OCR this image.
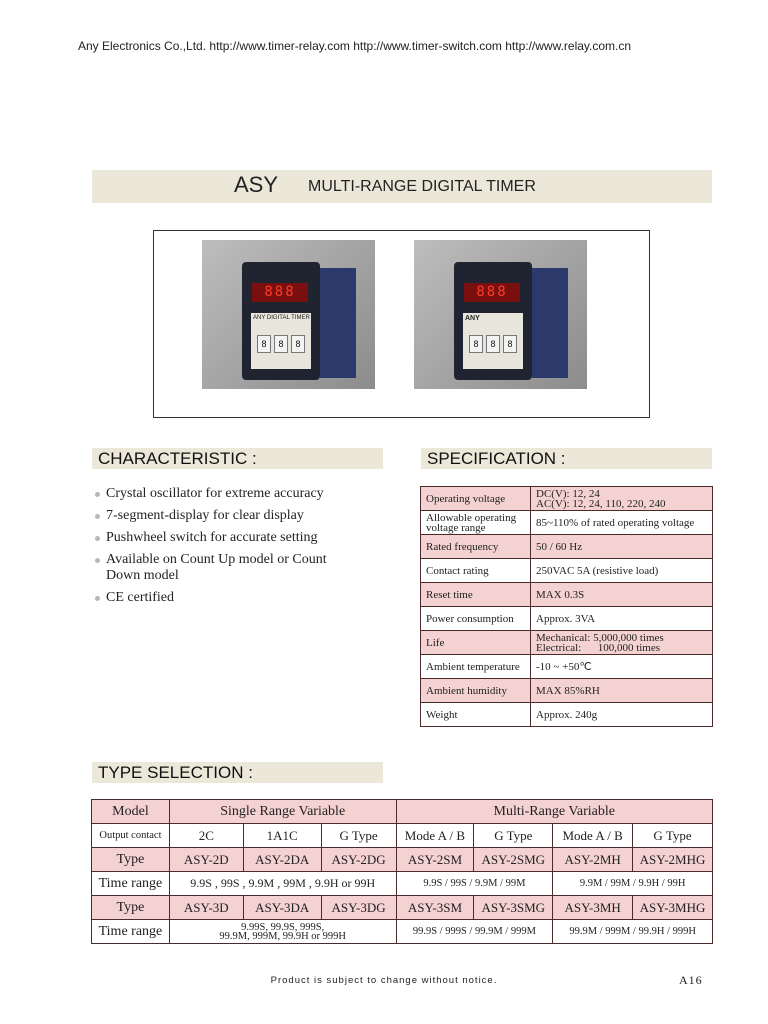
Any Electronics Co.,Ltd. http://www.timer-relay.com http://www.timer-switch.com http://www.relay.com.cn
ASY MULTI-RANGE DIGITAL TIMER
888
ANY DIGITAL TIMER
8	8	8
888
ANY
8	8	8
CHARACTERISTIC :	SPECIFICATION :
Crystal oscillator for extreme accuracy
7-segment-display for clear display
Pushwheel switch for accurate setting
Available on Count Up model or Count Down model
CE certified
Operating voltage	DC(V): 12, 24
AC(V): 12, 24, 110, 220, 240

Allowable operating voltage range	85~110% of rated operating voltage
Rated frequency	50 / 60 Hz
Contact rating	250VAC 5A (resistive load)
Reset time	MAX 0.3S
Power consumption	Approx. 3VA
Life	Mechanical: 5,000,000 times
Electrical:      100,000 times

Ambient temperature	-10 ~ +50℃
Ambient humidity	MAX 85%RH
Weight	Approx. 240g
TYPE SELECTION :
Model	Single Range Variable			Multi-Range Variable			
Output contact	2C	1A1C	G Type	Mode A / B	G Type	Mode A / B	G Type
Type	ASY-2D	ASY-2DA	ASY-2DG	ASY-2SM	ASY-2SMG	ASY-2MH	ASY-2MHG
Time range	9.9S , 99S , 9.9M , 99M , 9.9H or 99H			9.9S / 99S / 9.9M / 99M		9.9M / 99M / 9.9H / 99H	
Type	ASY-3D	ASY-3DA	ASY-3DG	ASY-3SM	ASY-3SMG	ASY-3MH	ASY-3MHG
Time range	9.99S, 99.9S, 999S,
99.9M, 999M, 99.9H or 999H			99.9S / 999S / 99.9M / 999M		99.9M / 999M / 99.9H / 999H	
Product is subject to change without notice.	A16
